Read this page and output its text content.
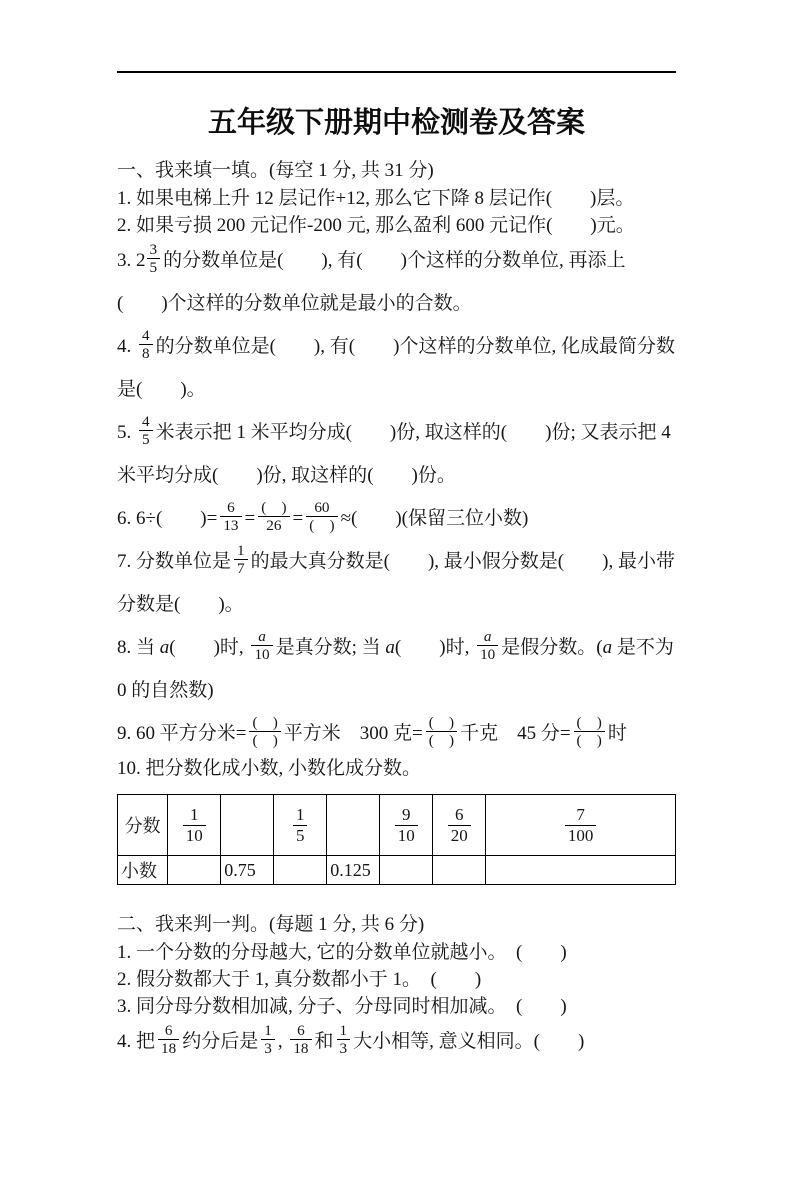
五年级下册期中检测卷及答案
一、我来填一填。(每空 1 分, 共 31 分)
1. 如果电梯上升 12 层记作+12, 那么它下降 8 层记作(　　)层。
2. 如果亏损 200 元记作-200 元, 那么盈利 600 元记作(　　)元。
3. $2 \frac{3}{5}$ 的分数单位是(　　), 有(　　)个这样的分数单位, 再添上(　　)个这样的分数单位就是最小的合数。
4. $\frac{4}{8}$ 的分数单位是(　　), 有(　　)个这样的分数单位, 化成最简分数是(　　)。
5. $\frac{4}{5}$ 米表示把 1 米平均分成(　　)份, 取这样的(　　)份; 又表示把 4 米平均分成(　　)份, 取这样的(　　)份。
6. 6÷(　　)= $\frac{6}{13}$ =
(　)
26 =
60
(　) ≈(　　)(保留三位小数)
7. 分数单位是 $\frac{1}{7}$ 的最大真分数是(　　), 最小假分数是(　　), 最小带分数是(　　)。
8. 当 a(　　)时, $\frac{a}{10}$ 是真分数; 当 a(　　)时, $\frac{a}{10}$ 是假分数。(a 是不为 0 的自然数)
9. 60 平方分米=
(　)
(　) 平方米　300 克=
(　)
(　) 千克　45 分=
(　)
(　) 时
10. 把分数化成小数, 小数化成分数。
分数	$\frac{1}{10}$		$\frac{1}{5}$		$\frac{9}{10}$	$\frac{6}{20}$	$\frac{7}{100}$

小数		0.75		0.125			
二、我来判一判。(每题 1 分, 共 6 分)
1. 一个分数的分母越大, 它的分数单位就越小。　(　　)
2. 假分数都大于 1, 真分数都小于 1。　(　　)
3. 同分母分数相加减, 分子、分母同时相加减。　(　　)
4. 把 $\frac{6}{18}$ 约分后是 $\frac{1}{3}$ , $\frac{6}{18}$ 和 $\frac{1}{3}$ 大小相等, 意义相同。(　　)
